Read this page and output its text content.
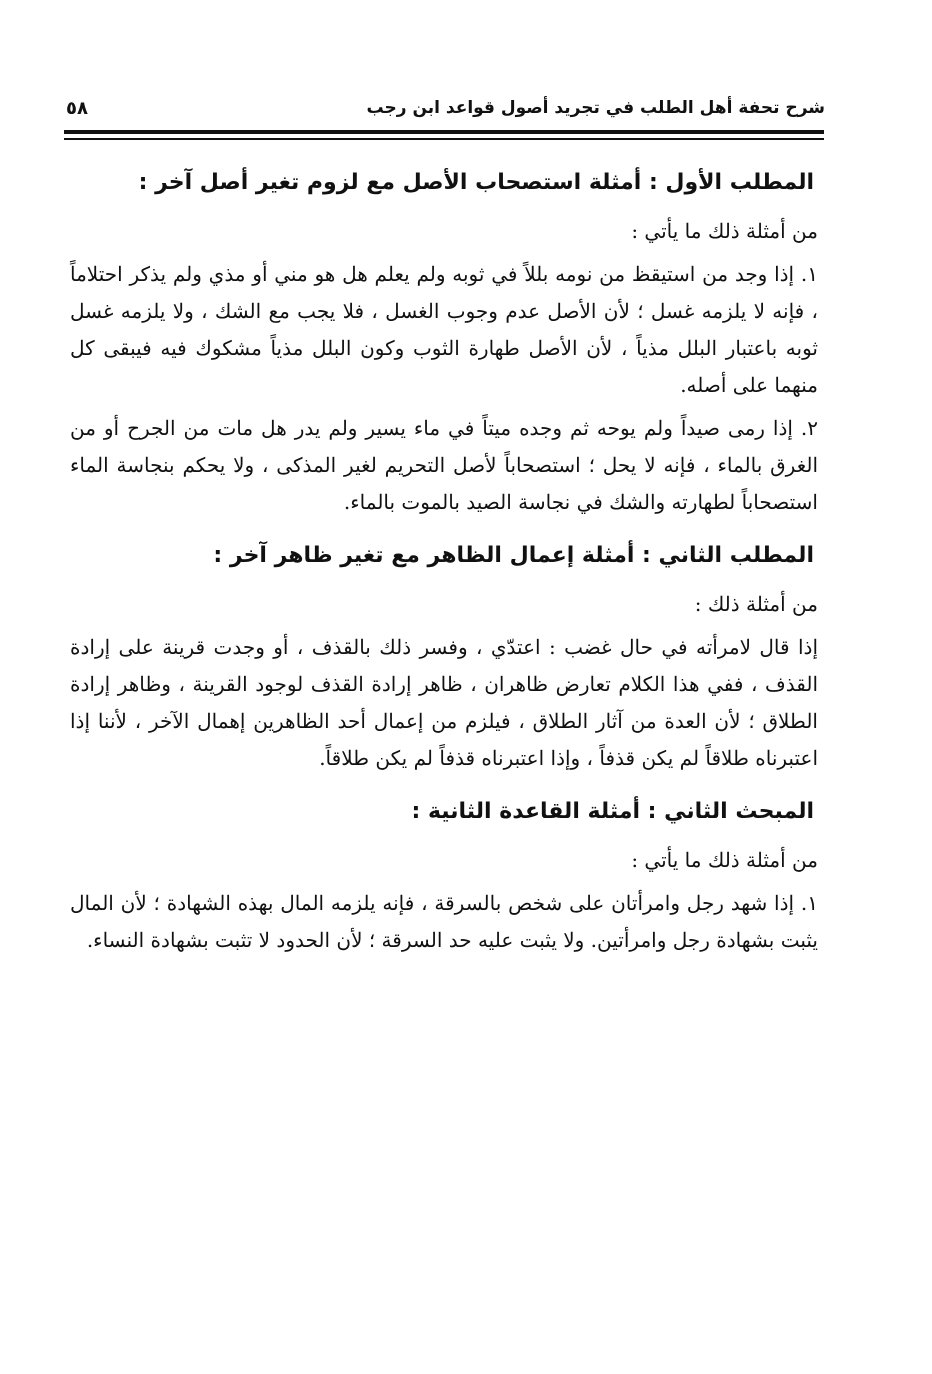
شرح تحفة أهل الطلب في تجريد أصول قواعد ابن رجب
٥٨
المطلب الأول : أمثلة استصحاب الأصل مع لزوم تغير أصل آخر :

من أمثلة ذلك ما يأتي :

١. إذا وجد من استيقظ من نومه بللاً في ثوبه ولم يعلم هل هو مني أو مذي ولم يذكر احتلاماً ، فإنه لا يلزمه غسل ؛ لأن الأصل عدم وجوب الغسل ، فلا يجب مع الشك ، ولا يلزمه غسل ثوبه باعتبار البلل مذياً ، لأن الأصل طهارة الثوب وكون البلل مذياً مشكوك فيه فيبقى كل منهما على أصله.

٢. إذا رمى صيداً ولم يوحه ثم وجده ميتاً في ماء يسير ولم يدر هل مات من الجرح أو من الغرق بالماء ، فإنه لا يحل ؛ استصحاباً لأصل التحريم لغير المذكى ، ولا يحكم بنجاسة الماء استصحاباً لطهارته والشك في نجاسة الصيد بالموت بالماء.

المطلب الثاني : أمثلة إعمال الظاهر مع تغير ظاهر آخر :

من أمثلة ذلك :

إذا قال لامرأته في حال غضب : اعتدّي ، وفسر ذلك بالقذف ، أو وجدت قرينة على إرادة القذف ، ففي هذا الكلام تعارض ظاهران ، ظاهر إرادة القذف لوجود القرينة ، وظاهر إرادة الطلاق ؛ لأن العدة من آثار الطلاق ، فيلزم من إعمال أحد الظاهرين إهمال الآخر ، لأننا إذا اعتبرناه طلاقاً لم يكن قذفاً ، وإذا اعتبرناه قذفاً لم يكن طلاقاً.

المبحث الثاني : أمثلة القاعدة الثانية :

من أمثلة ذلك ما يأتي :

١. إذا شهد رجل وامرأتان على شخص بالسرقة ، فإنه يلزمه المال بهذه الشهادة ؛ لأن المال يثبت بشهادة رجل وامرأتين. ولا يثبت عليه حد السرقة ؛ لأن الحدود لا تثبت بشهادة النساء.
